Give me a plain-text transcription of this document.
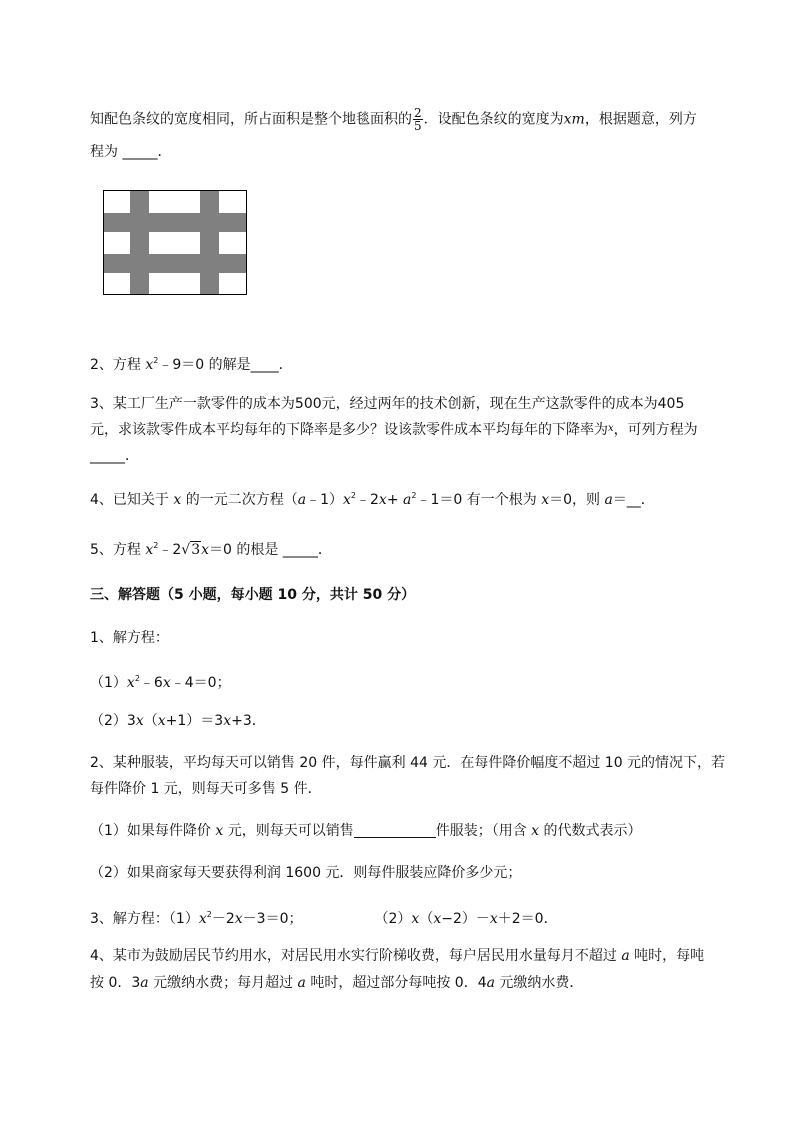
知配色条纹的宽度相同，所占面积是整个地毯面积的 $\frac{2}{5}$ ．设配色条纹的宽度为xm，根据题意，列方
程为 _____．
2、方程 $x^2﹣9=0$ 的解是____．
3、某工厂生产一款零件的成本为500元，经过两年的技术创新，现在生产这款零件的成本为405
元，求该款零件成本平均每年的下降率是多少？设该款零件成本平均每年的下降率为$^x$，可列方程为
_____．
4、已知关于 x 的一元二次方程$(a﹣1)x^2﹣2x+$ $a^2﹣1=0$ 有一个根为 x＝0，则 a＝__．
5、方程 $x^2﹣2√3x=0$ 的根是 _____．
三、解答题（5 小题，每小题 10 分，共计 50 分）
1、解方程：
$(1)x^2﹣6x﹣4=0$；
（2）3x（x+1）＝3x+3．
2、某种服装，平均每天可以销售 20 件，每件赢利 44 元．在每件降价幅度不超过 10 元的情况下，若
每件降价 1 元，则每天可多售 5 件．
（1）如果每件降价 x 元，则每天可以销售	件服装；（用含 x 的代数式表示）
（2）如果商家每天要获得利润 1600 元．则每件服装应降价多少元；
3、解方程：$(1)x^2-2x-3=0$；	（2）x（x−2）－x＋2＝0．
4、某市为鼓励居民节约用水，对居民用水实行阶梯收费，每户居民用水量每月不超过 a 吨时，每吨
按 0．3a 元缴纳水费；每月超过 a 吨时，超过部分每吨按 0．4a 元缴纳水费．
